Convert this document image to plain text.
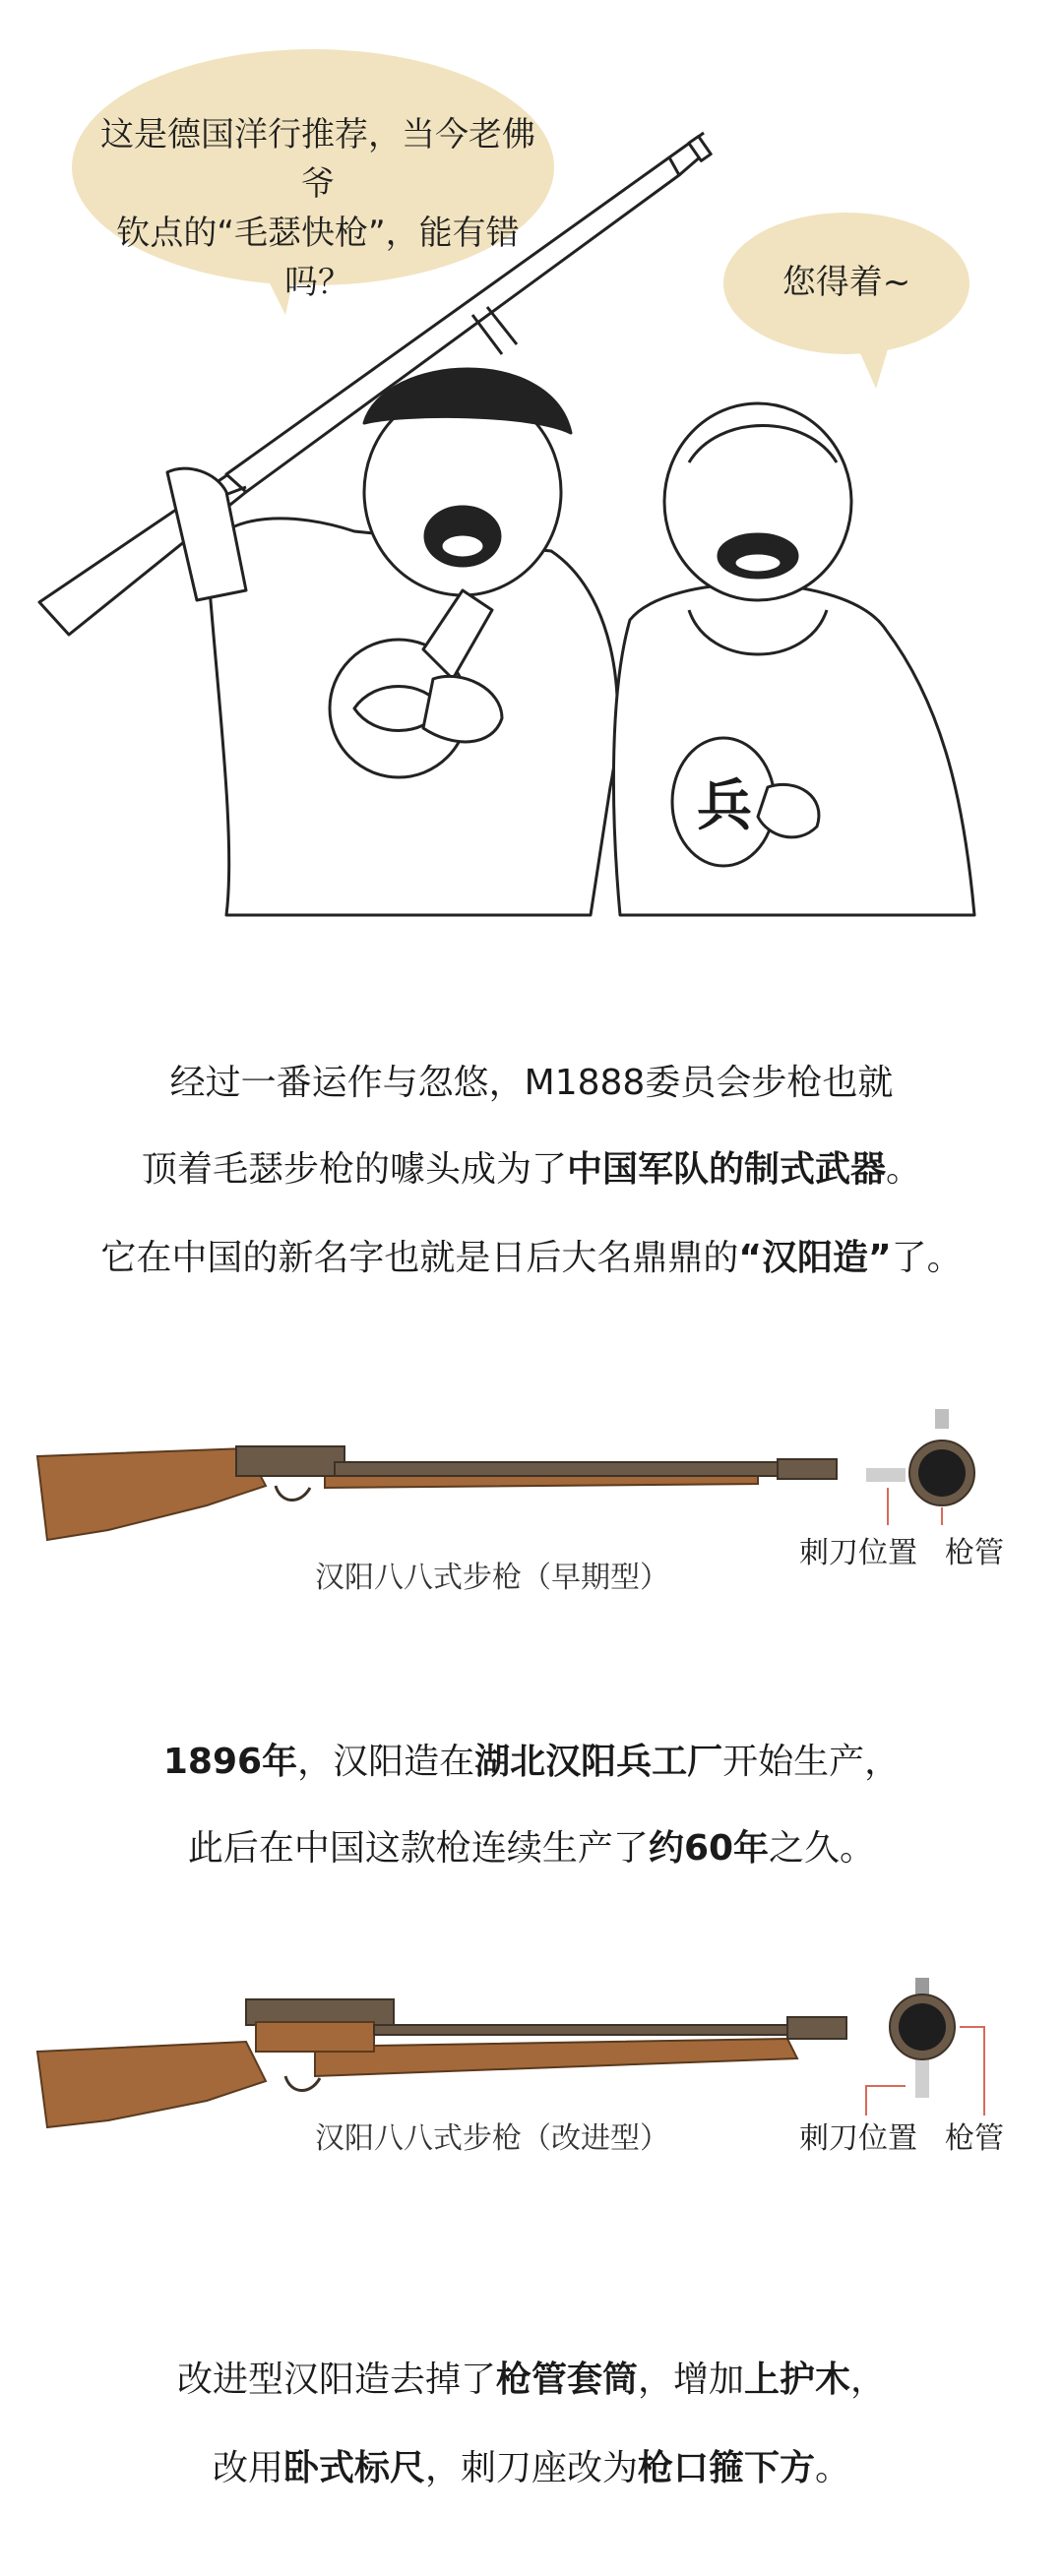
这是德国洋行推荐，当今老佛爷
钦点的“毛瑟快枪”，能有错吗？	您得着~
兵
经过一番运作与忽悠，M1888委员会步枪也就
顶着毛瑟步枪的噱头成为了中国军队的制式武器。
它在中国的新名字也就是日后大名鼎鼎的“汉阳造”了。
汉阳八八式步枪（早期型）
刺刀位置 枪管
1896年，汉阳造在湖北汉阳兵工厂开始生产，
此后在中国这款枪连续生产了约60年之久。
汉阳八八式步枪（改进型）	刺刀位置 枪管
改进型汉阳造去掉了枪管套筒，增加上护木，
改用卧式标尺，刺刀座改为枪口箍下方。
